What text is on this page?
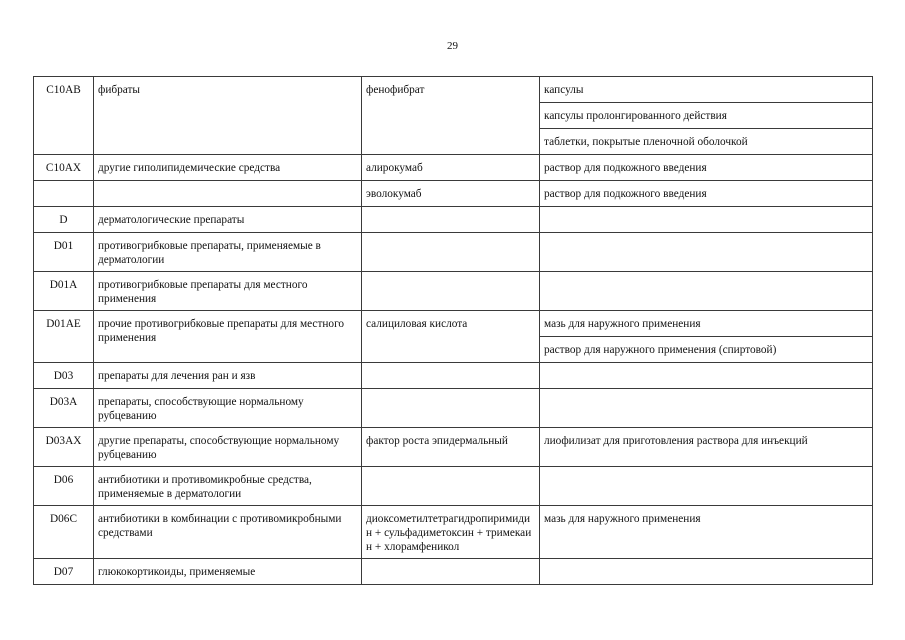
29
C10AB	фибраты	фенофибрат	капсулы
			капсулы пролонгированного действия
			таблетки, покрытые пленочной оболочкой
C10AX	другие гиполипидемические средства	алирокумаб	раствор для подкожного введения
		эволокумаб	раствор для подкожного введения
D	дерматологические препараты		
D01	противогрибковые препараты, применяемые в дерматологии		
D01A	противогрибковые препараты для местного применения		
D01AE	прочие противогрибковые препараты для местного применения	салициловая кислота	мазь для наружного применения
			раствор для наружного применения (спиртовой)
D03	препараты для лечения ран и язв		
D03A	препараты, способствующие нормальному рубцеванию		
D03AX	другие препараты, способствующие нормальному рубцеванию	фактор роста эпидермальный	лиофилизат для приготовления раствора для инъекций
D06	антибиотики и противомикробные средства, применяемые в дерматологии		
D06C	антибиотики в комбинации с противомикробными средствами	диоксометилтетрагидропиримидин + сульфадиметоксин + тримекаин + хлорамфеникол	мазь для наружного применения
D07	глюкокортикоиды, применяемые		
